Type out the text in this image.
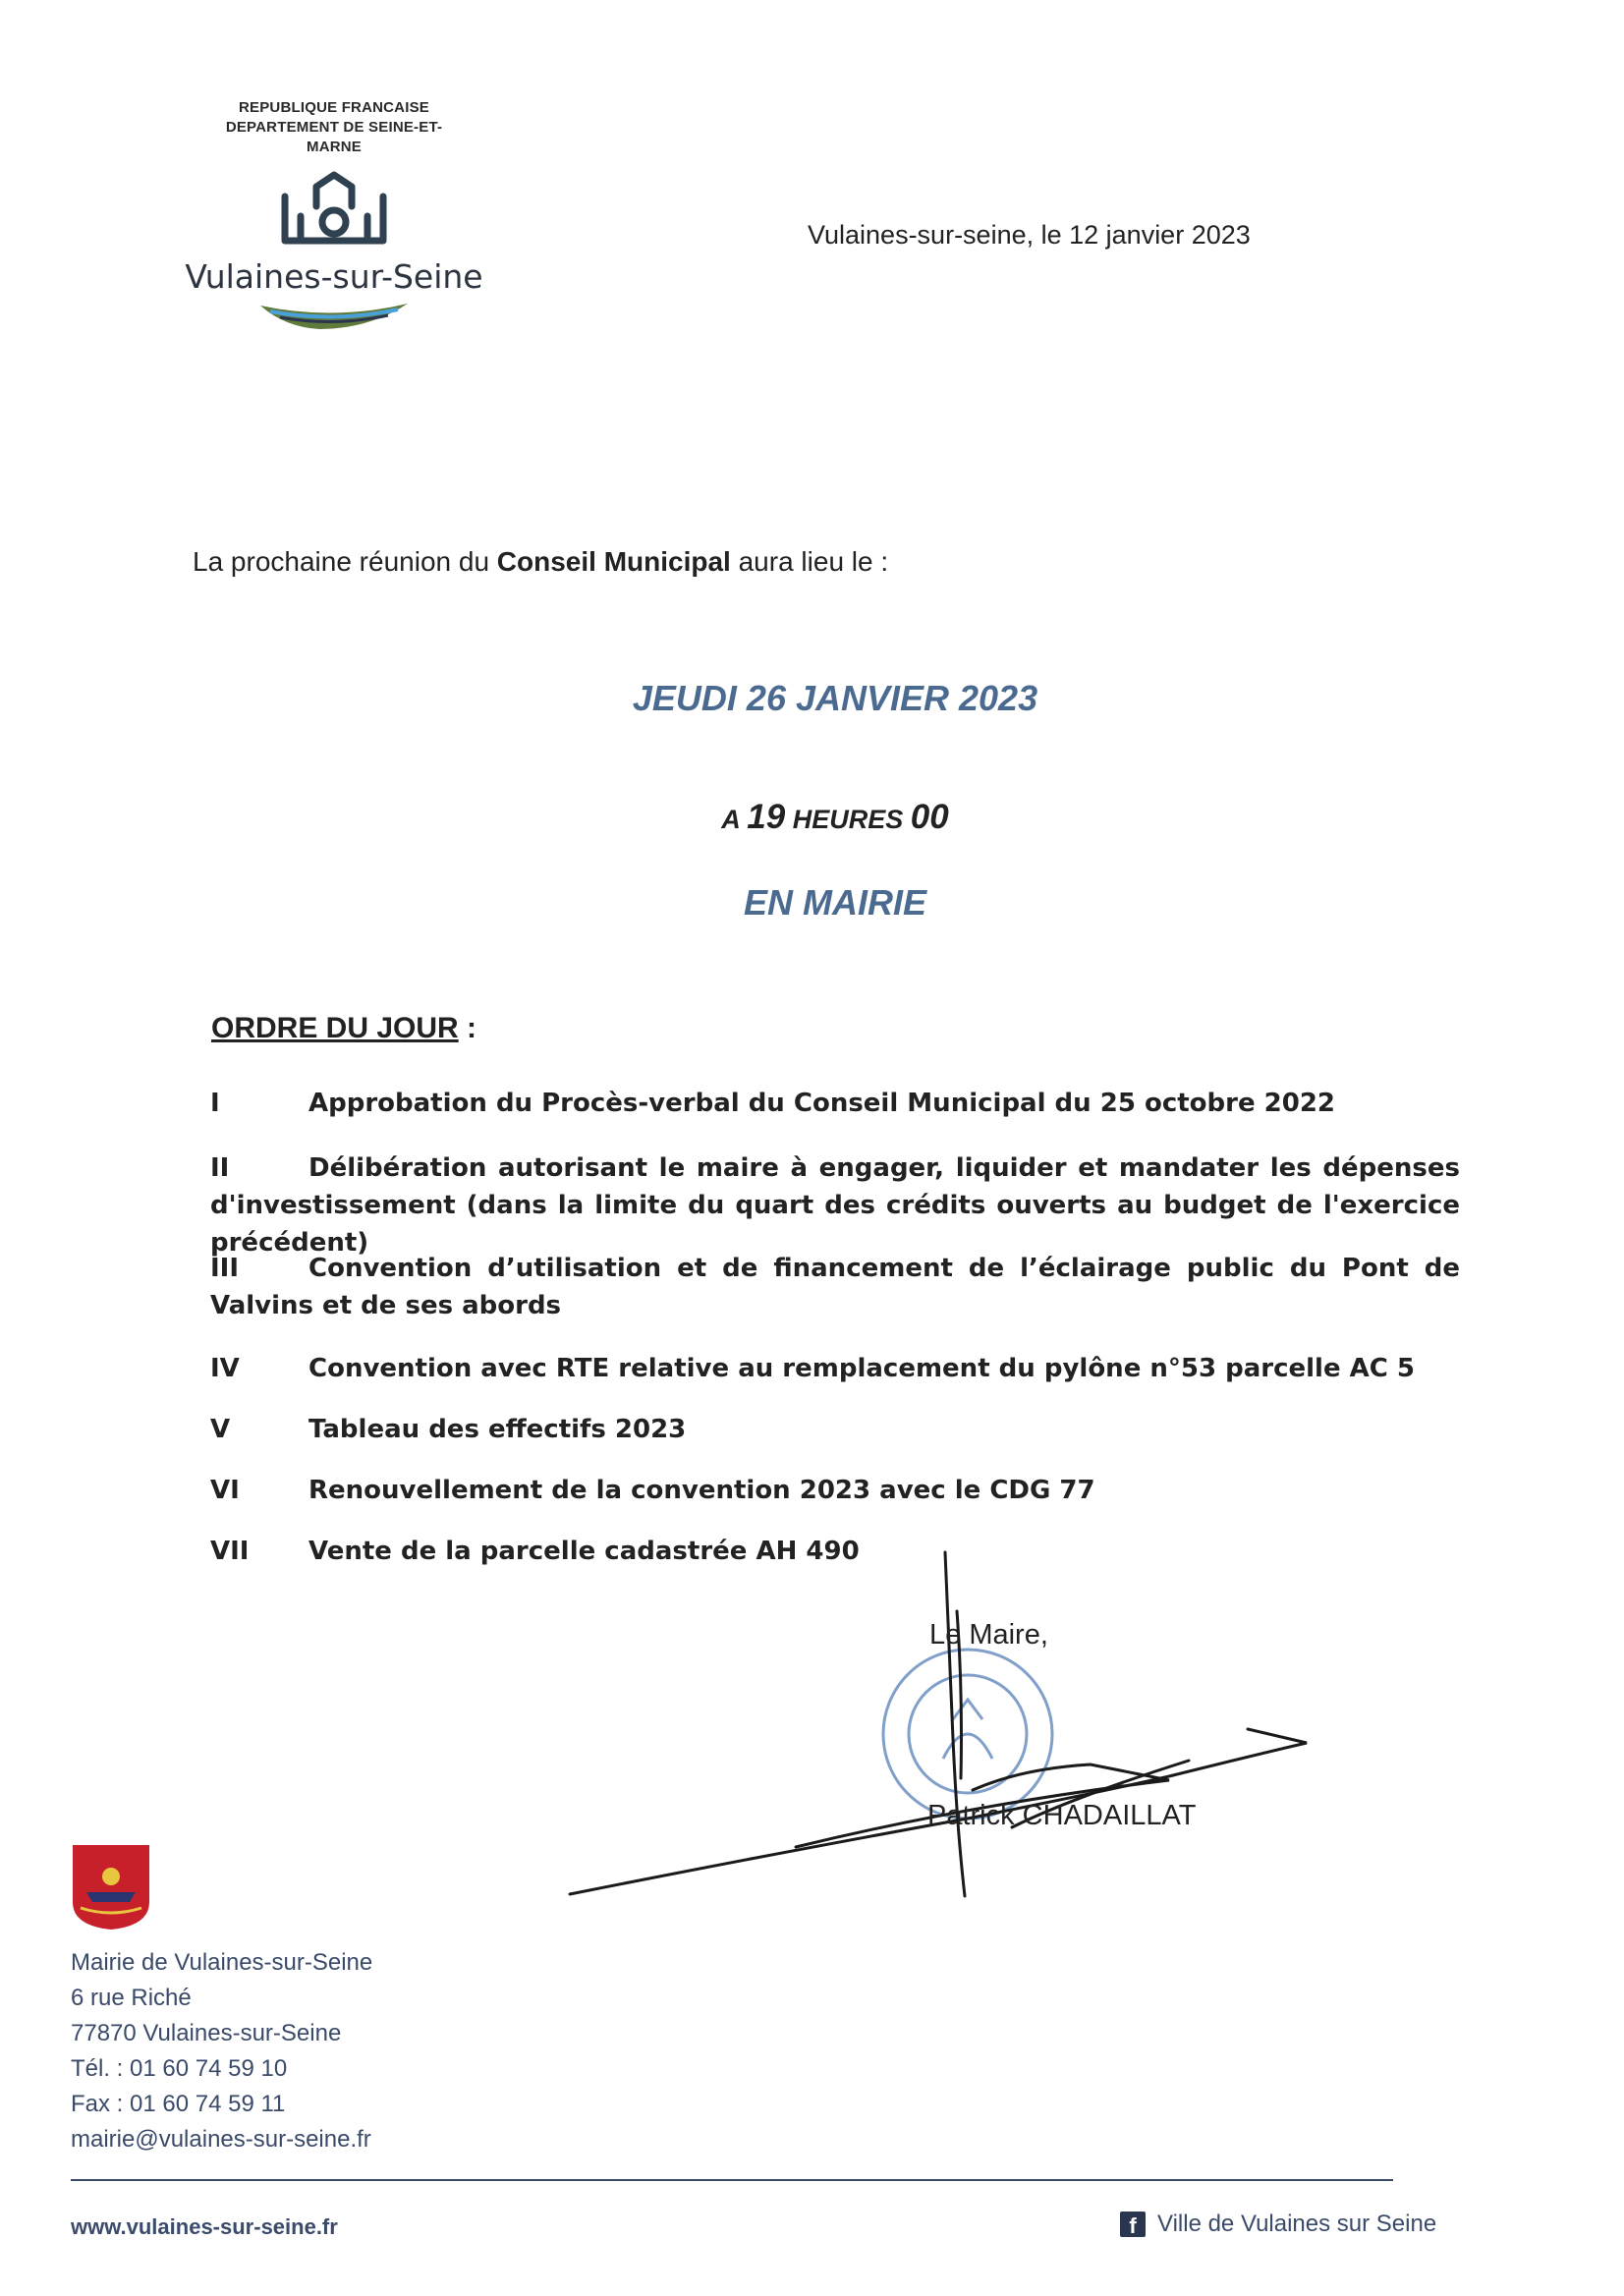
REPUBLIQUE FRANCAISE
DEPARTEMENT DE SEINE-ET-
MARNE
Vulaines-sur-Seine
Vulaines-sur-seine, le 12 janvier 2023
La prochaine réunion du Conseil Municipal aura lieu le :
JEUDI 26 JANVIER 2023
A 19 HEURES 00
EN MAIRIE
ORDRE DU JOUR :

I	Approbation du Procès-verbal du Conseil Municipal du 25 octobre 2022

II	Délibération autorisant le maire à engager, liquider et mandater les dépenses d'investissement (dans la limite du quart des crédits ouverts au budget de l'exercice précédent)

III	Convention d’utilisation et de financement de l’éclairage public du Pont de Valvins et de ses abords

IV	Convention avec RTE relative au remplacement du pylône n°53 parcelle AC 5

V	Tableau des effectifs 2023

VI	Renouvellement de la convention 2023 avec le CDG 77

VII Vente de la parcelle cadastrée AH 490

Le Maire,
Patrick CHADAILLAT
Mairie de Vulaines-sur-Seine
6 rue Riché
77870 Vulaines-sur-Seine
Tél. : 01 60 74 59 10
Fax : 01 60 74 59 11
mairie@vulaines-sur-seine.fr
www.vulaines-sur-seine.fr	f Ville de Vulaines sur Seine
